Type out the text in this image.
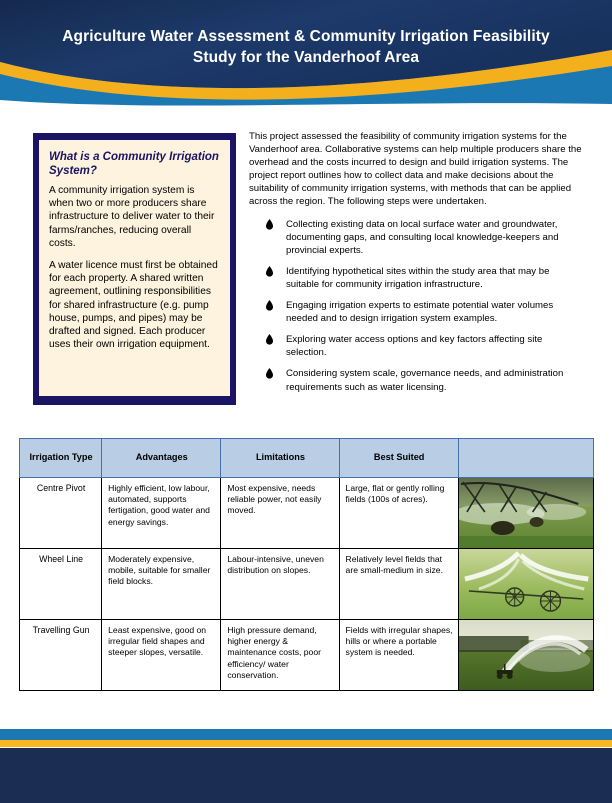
Agriculture Water Assessment & Community Irrigation Feasibility
Study for the Vanderhoof Area
What is a Community Irrigation System?

A community irrigation system is when two or more producers share infrastructure to deliver water to their farms/ranches, reducing overall costs.

A water licence must first be obtained for each property. A shared written agreement, outlining responsibilities for shared infrastructure (e.g. pump house, pumps, and pipes) may be drafted and signed. Each producer uses their own irrigation equipment.

This project assessed the feasibility of community irrigation systems for the Vanderhoof area. Collaborative systems can help multiple producers share the overhead and the costs incurred to design and build irrigation systems. The project report outlines how to collect data and make decisions about the suitability of community irrigation systems, with methods that can be applied across the region. The following steps were undertaken.

Collecting existing data on local surface water and groundwater, documenting gaps, and consulting local knowledge-keepers and provincial experts.
Identifying hypothetical sites within the study area that may be suitable for community irrigation infrastructure.
Engaging irrigation experts to estimate potential water volumes needed and to design irrigation system examples.
Exploring water access options and key factors affecting site selection.
Considering system scale, governance needs, and administration requirements such as water licensing.
Irrigation Type	Advantages	Limitations	Best Suited	
Centre Pivot	Highly efficient, low labour, automated, supports fertigation, good water and energy savings.	Most expensive, needs reliable power, not easily moved.	Large, flat or gently rolling fields (100s of acres).	

Wheel Line	Moderately expensive, mobile, suitable for smaller field blocks.	Labour-intensive, uneven distribution on slopes.	Relatively level fields that are small-medium in size.	

Travelling Gun	Least expensive, good on irregular field shapes and steeper slopes, versatile.	High pressure demand, higher energy & maintenance costs, poor efficiency/ water conservation.	Fields with irregular shapes, hills or where a portable system is needed.	
